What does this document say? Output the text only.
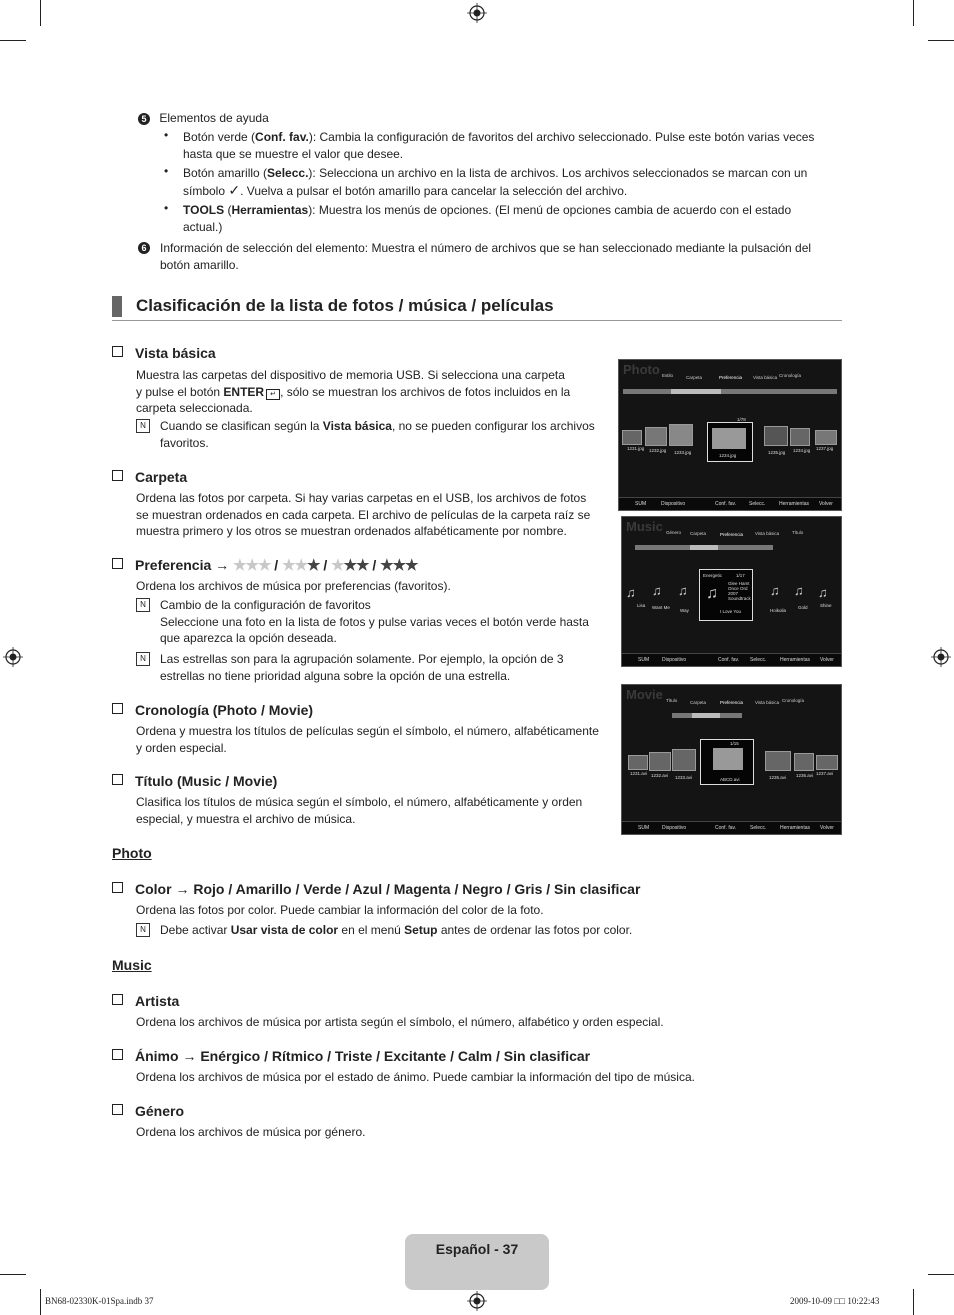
5 Elementos de ayuda
• Botón verde (Conf. fav.): Cambia la configuración de favoritos del archivo seleccionado. Pulse este botón varias veces
hasta que se muestre el valor que desee.
• Botón amarillo (Selecc.): Selecciona un archivo en la lista de archivos. Los archivos seleccionados se marcan con un
símbolo ✓. Vuelva a pulsar el botón amarillo para cancelar la selección del archivo.
• TOOLS (Herramientas): Muestra los menús de opciones. (El menú de opciones cambia de acuerdo con el estado
actual.)
6 Información de selección del elemento: Muestra el número de archivos que se han seleccionado mediante la pulsación del
botón amarillo.
Clasificación de la lista de fotos / música / películas
Vista básica
Muestra las carpetas del dispositivo de memoria USB. Si selecciona una carpeta
y pulse el botón ENTER ↵ , sólo se muestran los archivos de fotos incluidos en la
carpeta seleccionada.
N	Cuando se clasifican según la Vista básica, no se pueden configurar los archivos
favoritos.
Carpeta
Ordena las fotos por carpeta. Si hay varias carpetas en el USB, los archivos de fotos
se muestran ordenados en cada carpeta. El archivo de películas de la carpeta raíz se
muestra primero y los otros se muestran ordenados alfabéticamente por nombre.
Preferencia → ★★★ / ★★★ / ★★★ / ★★★
Ordena los archivos de música por preferencias (favoritos).
N	Cambio de la configuración de favoritos
Seleccione una foto en la lista de fotos y pulse varias veces el botón verde hasta
que aparezca la opción deseada.
N	Las estrellas son para la agrupación solamente. Por ejemplo, la opción de 3
estrellas no tiene prioridad alguna sobre la opción de una estrella.
Cronología (Photo / Movie)
Ordena y muestra los títulos de películas según el símbolo, el número, alfabéticamente
y orden especial.
Título (Music / Movie)
Clasifica los títulos de música según el símbolo, el número, alfabéticamente y orden
especial, y muestra el archivo de música.
Photo
Color → Rojo / Amarillo / Verde / Azul / Magenta / Negro / Gris / Sin clasificar
Ordena las fotos por color. Puede cambiar la información del color de la foto.
N	Debe activar Usar vista de color en el menú Setup antes de ordenar las fotos por color.
Music
Artista
Ordena los archivos de música por artista según el símbolo, el número, alfabético y orden especial.
Ánimo → Enérgico / Rítmico / Triste / Excitante / Calm / Sin clasificar
Ordena los archivos de música por el estado de ánimo. Puede cambiar la información del tipo de música.
Género
Ordena los archivos de música por género.
Photo Estilo	Carpeta	Preferencia Vista básica Cronología
1231.jpg 1232.jpg 1233.jpg
1234.jpg
1235.jpg 1234.jpg 1237.jpg
1/78
SUM	Dispositivo	Conf. fav.	Selecc.	Herramientas Volver
Music Género Carpeta	Preferencia	Vista básica	Título
♫ ♫ ♫ ♫	♫ ♫ ♫
Energetic	1/17
Glee Hamt
Once Ord
2007
Soundtrack
Lisa Want Me
Way	I Love You	Hoikoila
Gold	Shine
SUM	Dispositivo	Conf. fav. Selecc.	Herramientas Volver
Movie Título	Carpeta	Preferencia	Vista básica Cronología
1/15
1231.avi 1232.avi 1233.avi	ABCD.avi	1235.avi 1236.avi 1237.avi
SUM	Dispositivo	Conf. fav.	Selecc.	Herramientas Volver
Español - 37
BN68-02330K-01Spa.indb 37	2009-10-09 □□ 10:22:43
